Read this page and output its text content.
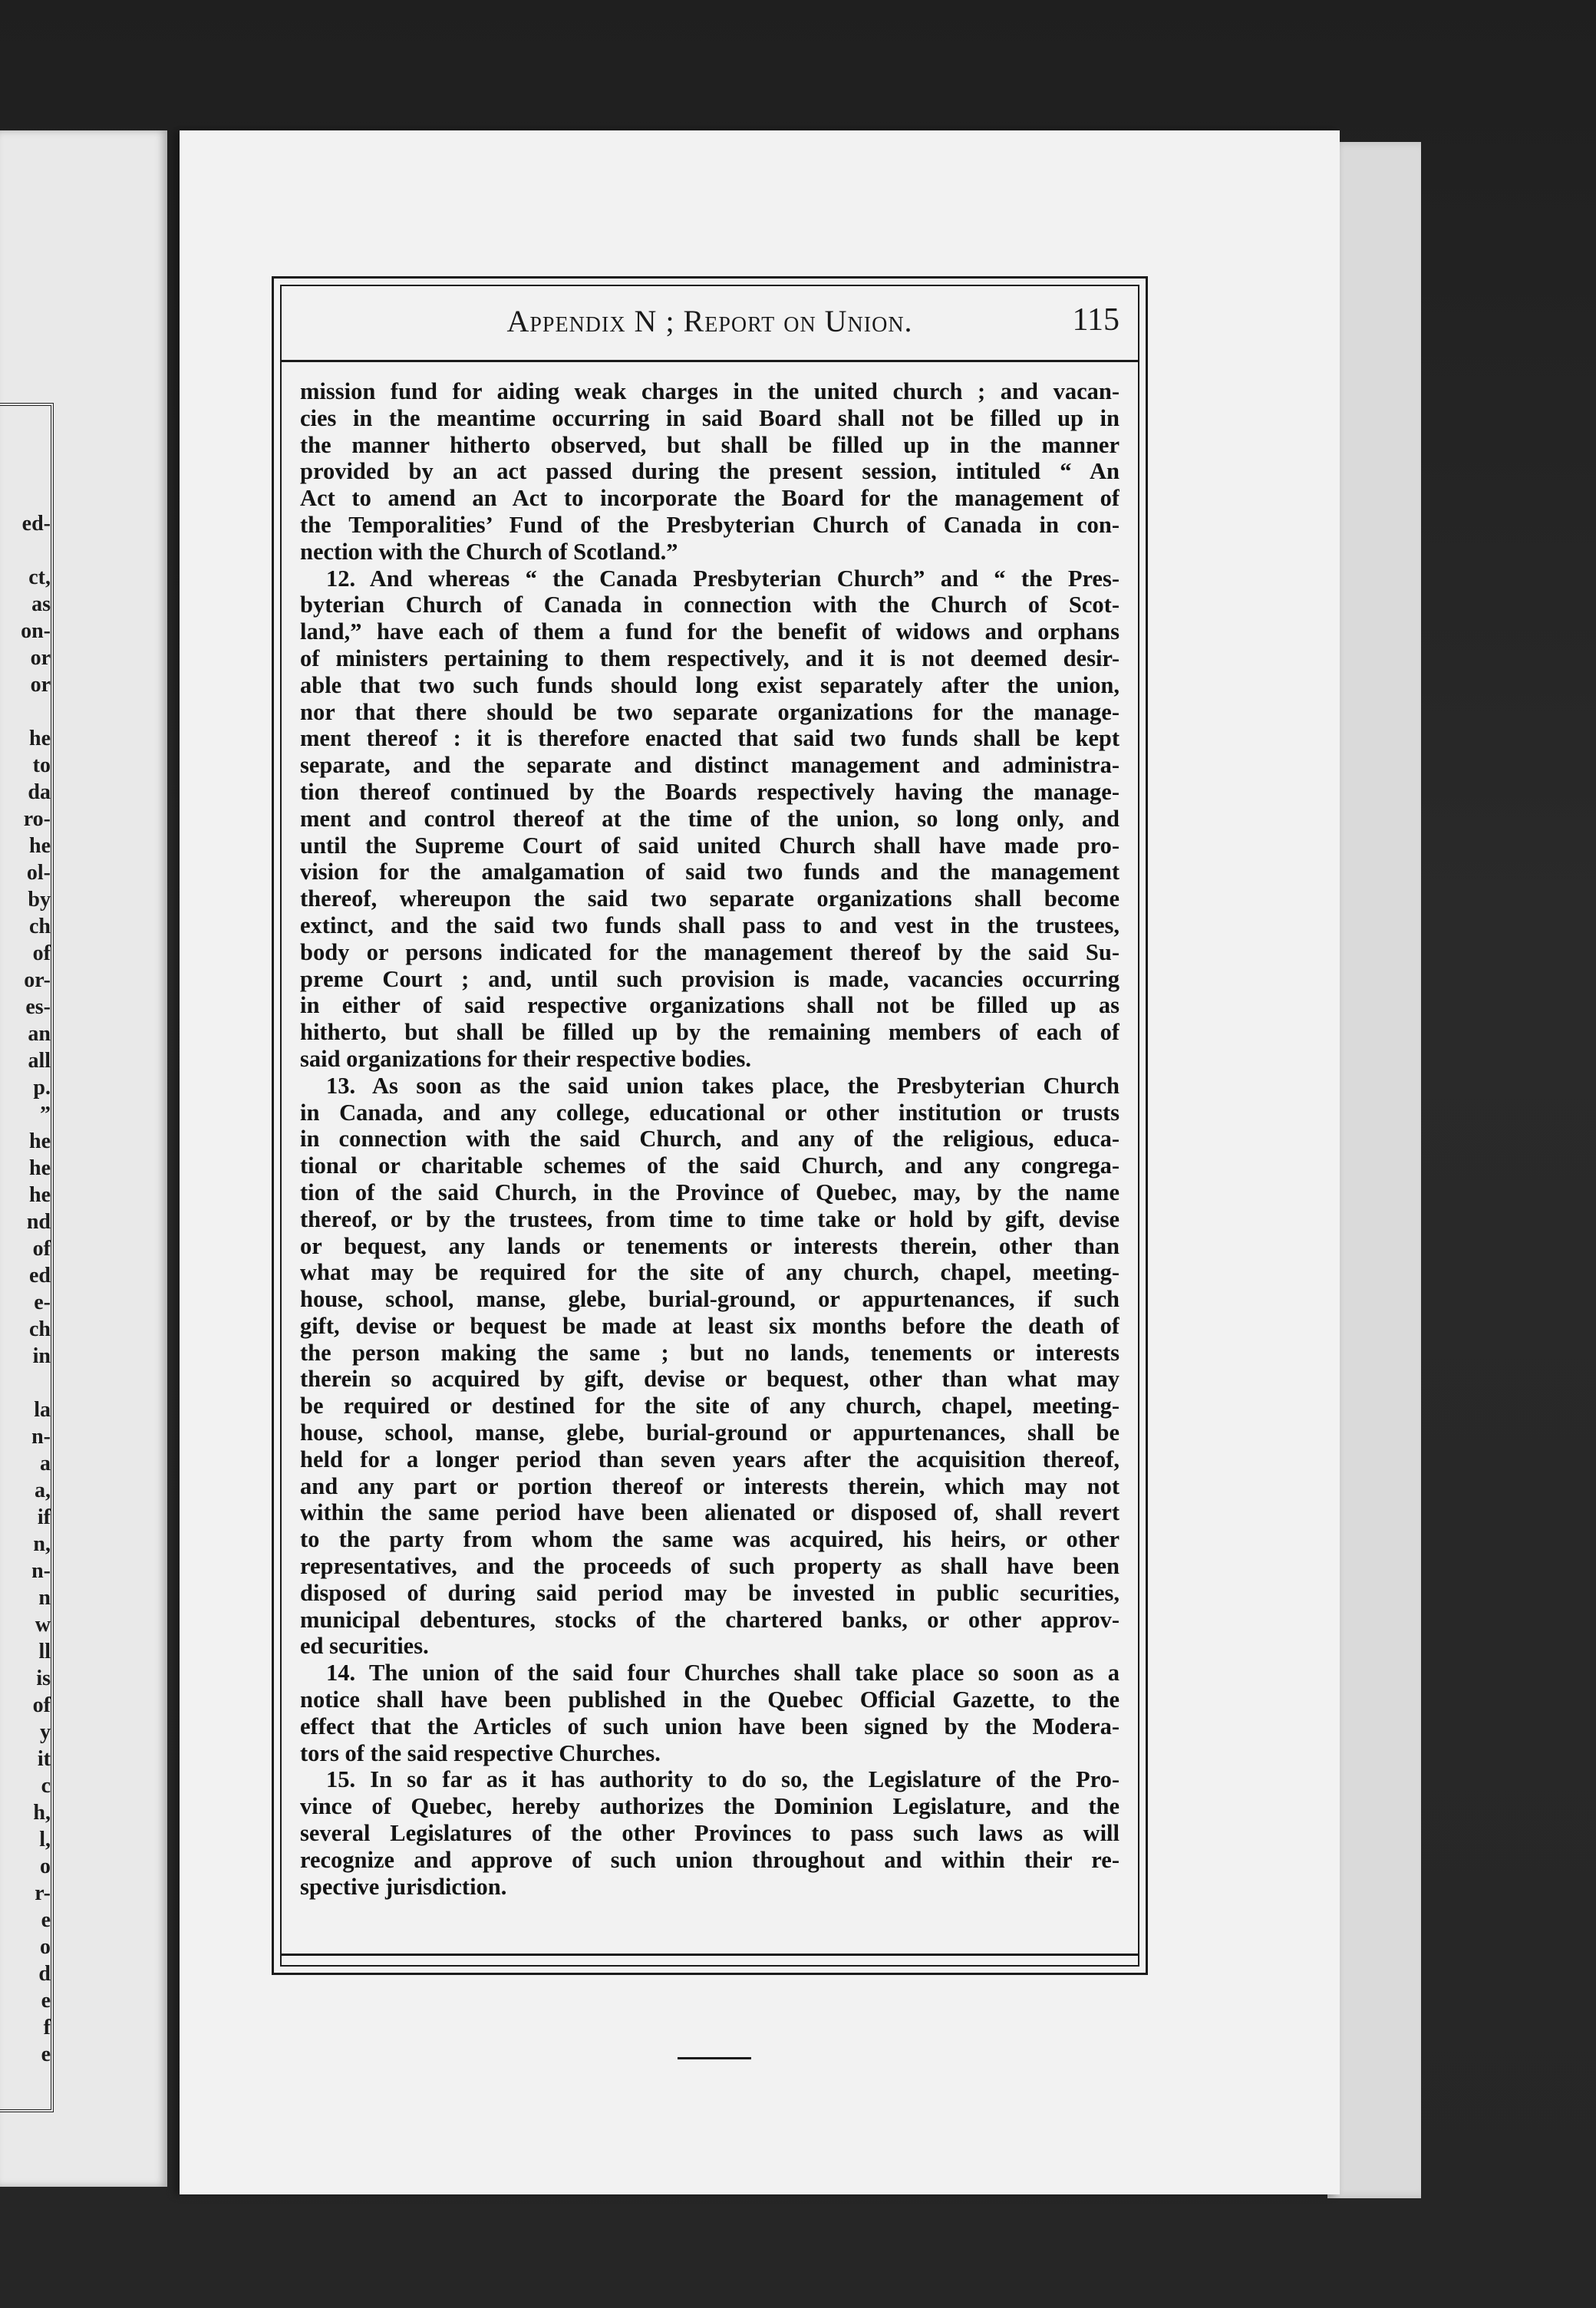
ed-
ct,
as
on-
or
or
he
to
da
ro-
he
ol-
by
ch
of
or-
es-
an
all
p.
”
he
he
he
nd
of
ed
e-
ch
in
la
n-
a
a,
if
n,
n-
n
w
ll
is
of
y
it
c
h,
l,
o
r-
e
o
d
e
f
e
Appendix N ; Report on Union.	115
mission fund for aiding weak charges in the united church ; and vacan-
cies in the meantime occurring in said Board shall not be filled up in
the manner hitherto observed, but shall be filled up in the manner
provided by an act passed during the present session, intituled “ An
Act to amend an Act to incorporate the Board for the management of
the Temporalities’ Fund of the Presbyterian Church of Canada in con-
nection with the Church of Scotland.”
12. And whereas “ the Canada Presbyterian Church” and “ the Pres-
byterian Church of Canada in connection with the Church of Scot-
land,” have each of them a fund for the benefit of widows and orphans
of ministers pertaining to them respectively, and it is not deemed desir-
able that two such funds should long exist separately after the union,
nor that there should be two separate organizations for the manage-
ment thereof : it is therefore enacted that said two funds shall be kept
separate, and the separate and distinct management and administra-
tion thereof continued by the Boards respectively having the manage-
ment and control thereof at the time of the union, so long only, and
until the Supreme Court of said united Church shall have made pro-
vision for the amalgamation of said two funds and the management
thereof, whereupon the said two separate organizations shall become
extinct, and the said two funds shall pass to and vest in the trustees,
body or persons indicated for the management thereof by the said Su-
preme Court ; and, until such provision is made, vacancies occurring
in either of said respective organizations shall not be filled up as
hitherto, but shall be filled up by the remaining members of each of
said organizations for their respective bodies.
13. As soon as the said union takes place, the Presbyterian Church
in Canada, and any college, educational or other institution or trusts
in connection with the said Church, and any of the religious, educa-
tional or charitable schemes of the said Church, and any congrega-
tion of the said Church, in the Province of Quebec, may, by the name
thereof, or by the trustees, from time to time take or hold by gift, devise
or bequest, any lands or tenements or interests therein, other than
what may be required for the site of any church, chapel, meeting-
house, school, manse, glebe, burial-ground, or appurtenances, if such
gift, devise or bequest be made at least six months before the death of
the person making the same ; but no lands, tenements or interests
therein so acquired by gift, devise or bequest, other than what may
be required or destined for the site of any church, chapel, meeting-
house, school, manse, glebe, burial-ground or appurtenances, shall be
held for a longer period than seven years after the acquisition thereof,
and any part or portion thereof or interests therein, which may not
within the same period have been alienated or disposed of, shall revert
to the party from whom the same was acquired, his heirs, or other
representatives, and the proceeds of such property as shall have been
disposed of during said period may be invested in public securities,
municipal debentures, stocks of the chartered banks, or other approv-
ed securities.
14. The union of the said four Churches shall take place so soon as a
notice shall have been published in the Quebec Official Gazette, to the
effect that the Articles of such union have been signed by the Modera-
tors of the said respective Churches.
15. In so far as it has authority to do so, the Legislature of the Pro-
vince of Quebec, hereby authorizes the Dominion Legislature, and the
several Legislatures of the other Provinces to pass such laws as will
recognize and approve of such union throughout and within their re-
spective jurisdiction.
